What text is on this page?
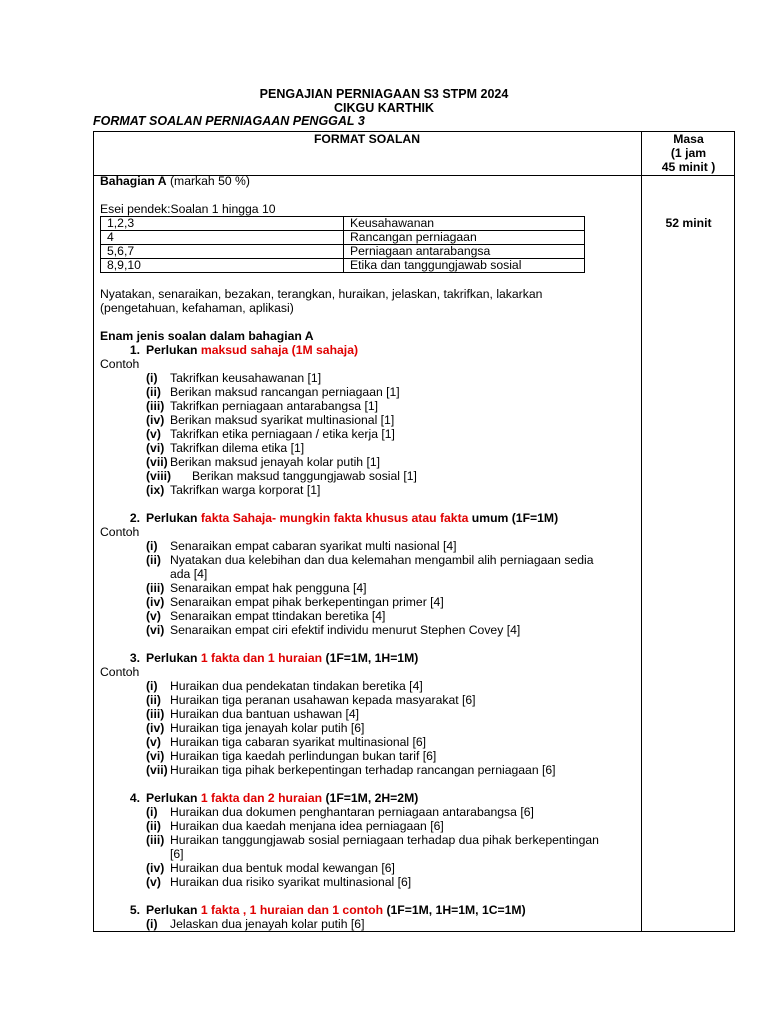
PENGAJIAN PERNIAGAAN S3 STPM 2024
CIKGU KARTHIK
FORMAT SOALAN PERNIAGAAN PENGGAL 3
FORMAT SOALAN	Masa
(1 jam
45 minit )
52 minit

Bahagian A (markah 50 %)

Esei pendek:Soalan 1 hingga 10

1,2,3	Keusahawanan
4	Rancangan perniagaan
5,6,7	Perniagaan antarabangsa
8,9,10	Etika dan tanggungjawab sosial

Nyatakan, senaraikan, bezakan, terangkan, huraikan, jelaskan, takrifkan, lakarkan

(pengetahuan, kefahaman, aplikasi)

Enam jenis soalan dalam bahagian A

1. Perlukan maksud sahaja (1M sahaja)

Contoh

(i)	Takrifkan keusahawanan [1]
(ii) Berikan maksud rancangan perniagaan [1]
(iii) Takrifkan perniagaan antarabangsa [1]
(iv) Berikan maksud syarikat multinasional [1]
(v) Takrifkan etika perniagaan / etika kerja [1]
(vi) Takrifkan dilema etika [1]
(vii) Berikan maksud jenayah kolar putih [1]
(viii)	Berikan maksud tanggungjawab sosial [1]
(ix) Takrifkan warga korporat [1]
2. Perlukan fakta Sahaja- mungkin fakta khusus atau fakta umum (1F=1M)

Contoh

(i)	Senaraikan empat cabaran syarikat multi nasional [4]
(ii) Nyatakan dua kelebihan dan dua kelemahan mengambil alih perniagaan sedia
ada [4]
(iii) Senaraikan empat hak pengguna [4]
(iv) Senaraikan empat pihak berkepentingan primer [4]
(v) Senaraikan empat ttindakan beretika [4]
(vi) Senaraikan empat ciri efektif individu menurut Stephen Covey [4]
3. Perlukan 1 fakta dan 1 huraian (1F=1M, 1H=1M)

Contoh

(i)	Huraikan dua pendekatan tindakan beretika [4]
(ii) Huraikan tiga peranan usahawan kepada masyarakat [6]
(iii) Huraikan dua bantuan ushawan [4]
(iv) Huraikan tiga jenayah kolar putih [6]
(v) Huraikan tiga cabaran syarikat multinasional [6]
(vi) Huraikan tiga kaedah perlindungan bukan tarif [6]
(vii) Huraikan tiga pihak berkepentingan terhadap rancangan perniagaan [6]
4. Perlukan 1 fakta dan 2 huraian (1F=1M, 2H=2M)
(i)	Huraikan dua dokumen penghantaran perniagaan antarabangsa [6]
(ii) Huraikan dua kaedah menjana idea perniagaan [6]
(iii) Huraikan tanggungjawab sosial perniagaan terhadap dua pihak berkepentingan
[6]
(iv) Huraikan dua bentuk modal kewangan [6]
(v) Huraikan dua risiko syarikat multinasional [6]
5. Perlukan 1 fakta , 1 huraian dan 1 contoh (1F=1M, 1H=1M, 1C=1M)
(i)	Jelaskan dua jenayah kolar putih [6]
